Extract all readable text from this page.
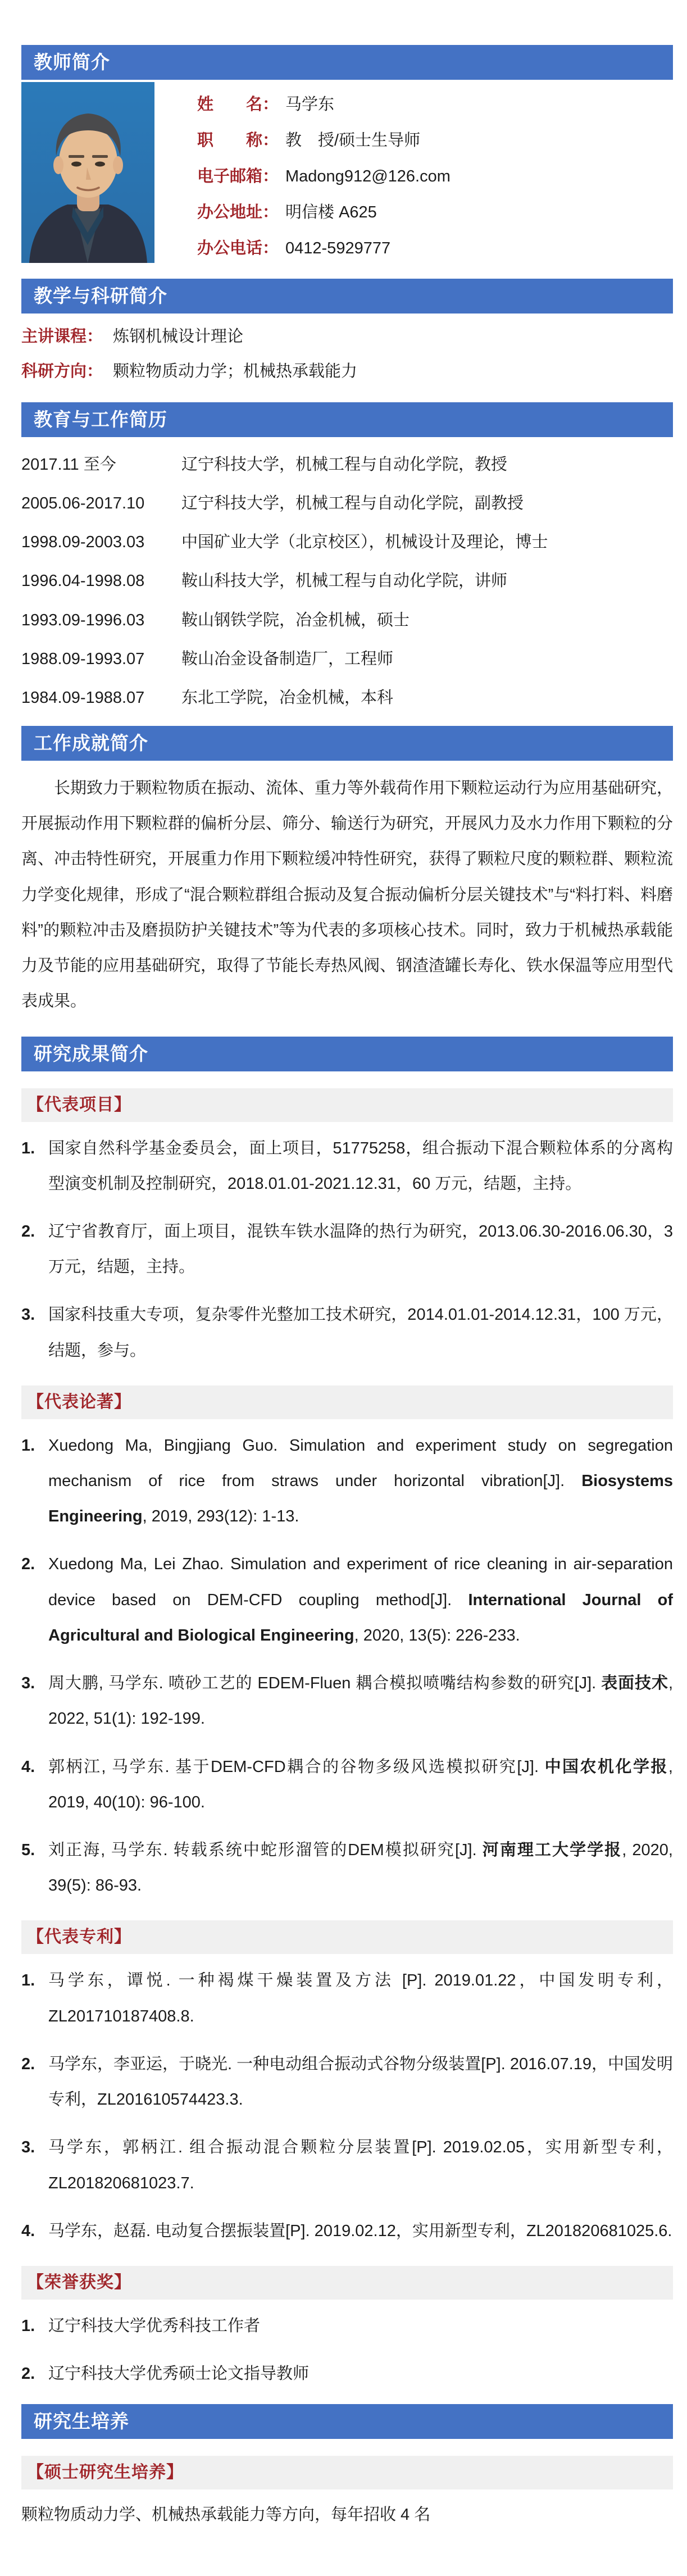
教师简介
姓　　名： 马学东
职　　称： 教　授/硕士生导师
电子邮箱： Madong912@126.com
办公地址： 明信楼 A625
办公电话： 0412-5929777
教学与科研简介
主讲课程： 炼钢机械设计理论
科研方向： 颗粒物质动力学；机械热承载能力
教育与工作简历
2017.11 至今	辽宁科技大学，机械工程与自动化学院，教授
2005.06-2017.10	辽宁科技大学，机械工程与自动化学院，副教授
1998.09-2003.03	中国矿业大学（北京校区），机械设计及理论，博士
1996.04-1998.08	鞍山科技大学，机械工程与自动化学院，讲师
1993.09-1996.03	鞍山钢铁学院，冶金机械，硕士
1988.09-1993.07	鞍山冶金设备制造厂，工程师
1984.09-1988.07	东北工学院，冶金机械，本科
工作成就简介
长期致力于颗粒物质在振动、流体、重力等外载荷作用下颗粒运动行为应用基础研究，开展振动作用下颗粒群的偏析分层、筛分、输送行为研究，开展风力及水力作用下颗粒的分离、冲击特性研究，开展重力作用下颗粒缓冲特性研究，获得了颗粒尺度的颗粒群、颗粒流力学变化规律，形成了“混合颗粒群组合振动及复合振动偏析分层关键技术”与“料打料、料磨料”的颗粒冲击及磨损防护关键技术”等为代表的多项核心技术。同时，致力于机械热承载能力及节能的应用基础研究，取得了节能长寿热风阀、钢渣渣罐长寿化、铁水保温等应用型代表成果。
研究成果简介
【代表项目】
1. 国家自然科学基金委员会，面上项目，51775258，组合振动下混合颗粒体系的分离构型演变机制及控制研究，2018.01.01-2021.12.31，60 万元，结题，主持。
2. 辽宁省教育厅，面上项目，混铁车铁水温降的热行为研究，2013.06.30-2016.06.30，3 万元，结题，主持。
3. 国家科技重大专项，复杂零件光整加工技术研究，2014.01.01-2014.12.31，100 万元，结题，参与。
【代表论著】
1. Xuedong Ma, Bingjiang Guo. Simulation and experiment study on segregation mechanism of rice from straws under horizontal vibration[J]. Biosystems Engineering, 2019, 293(12): 1-13.
2. Xuedong Ma, Lei Zhao. Simulation and experiment of rice cleaning in air-separation device based on DEM-CFD coupling method[J]. International Journal of Agricultural and Biological Engineering, 2020, 13(5): 226-233.
3. 周大鹏, 马学东. 喷砂工艺的 EDEM-Fluen 耦合模拟喷嘴结构参数的研究[J]. 表面技术, 2022, 51(1): 192-199.
4. 郭柄江, 马学东. 基于DEM-CFD耦合的谷物多级风选模拟研究[J]. 中国农机化学报, 2019, 40(10): 96-100.
5. 刘正海, 马学东. 转载系统中蛇形溜管的DEM模拟研究[J]. 河南理工大学学报, 2020, 39(5): 86-93.
【代表专利】
1. 马学东，谭悦. 一种褐煤干燥装置及方法 [P]. 2019.01.22，中国发明专利，ZL201710187408.8.
2. 马学东，李亚运，于晓光. 一种电动组合振动式谷物分级装置[P]. 2016.07.19，中国发明专利，ZL201610574423.3.
3. 马学东，郭柄江. 组合振动混合颗粒分层装置[P]. 2019.02.05，实用新型专利，ZL201820681023.7.
4. 马学东，赵磊. 电动复合摆振装置[P]. 2019.02.12，实用新型专利，ZL201820681025.6.
【荣誉获奖】
1. 辽宁科技大学优秀科技工作者
2. 辽宁科技大学优秀硕士论文指导教师
研究生培养
【硕士研究生培养】
颗粒物质动力学、机械热承载能力等方向，每年招收 4 名
